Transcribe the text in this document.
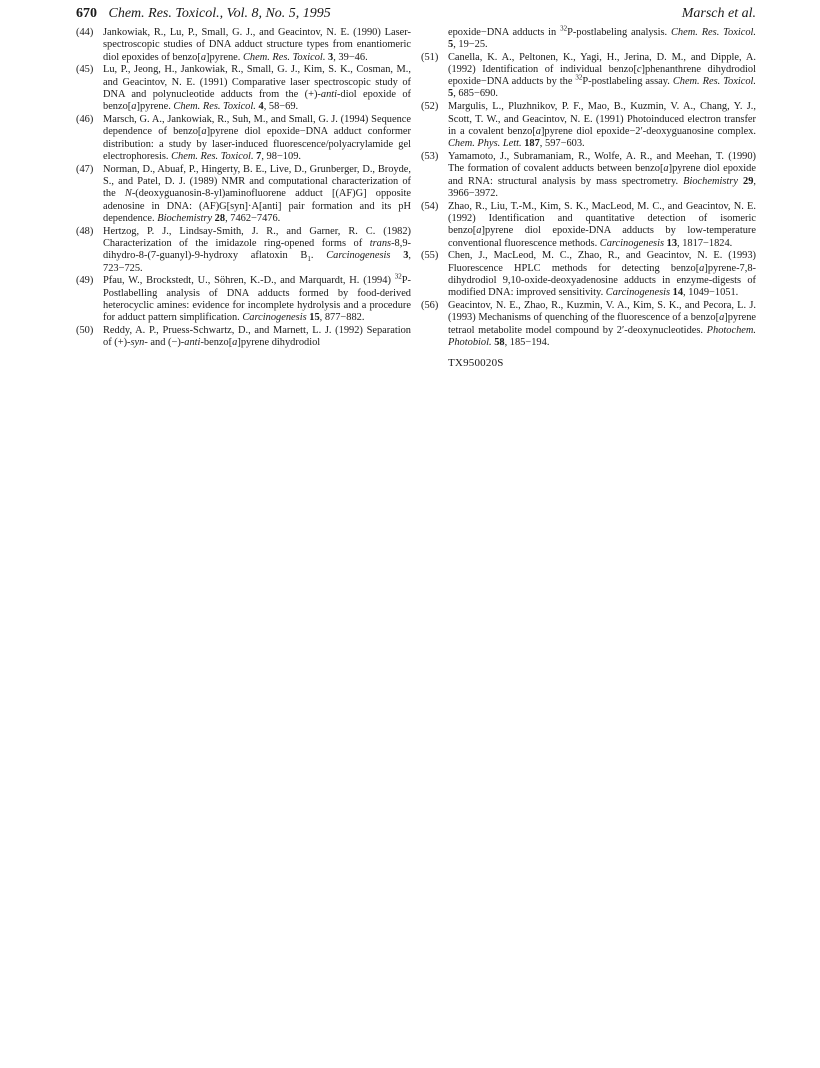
670 Chem. Res. Toxicol., Vol. 8, No. 5, 1995	Marsch et al.

(44) Jankowiak, R., Lu, P., Small, G. J., and Geacintov, N. E. (1990) Laser-spectroscopic studies of DNA adduct structure types from enantiomeric diol epoxides of benzo[a]pyrene. Chem. Res. Toxicol. 3, 39−46.

(45) Lu, P., Jeong, H., Jankowiak, R., Small, G. J., Kim, S. K., Cosman, M., and Geacintov, N. E. (1991) Comparative laser spectroscopic study of DNA and polynucleotide adducts from the (+)-anti-diol epoxide of benzo[a]pyrene. Chem. Res. Toxicol. 4, 58−69.

(46) Marsch, G. A., Jankowiak, R., Suh, M., and Small, G. J. (1994) Sequence dependence of benzo[a]pyrene diol epoxide−DNA adduct conformer distribution: a study by laser-induced fluorescence/polyacrylamide gel electrophoresis. Chem. Res. Toxicol. 7, 98−109.

(47) Norman, D., Abuaf, P., Hingerty, B. E., Live, D., Grunberger, D., Broyde, S., and Patel, D. J. (1989) NMR and computational characterization of the N-(deoxyguanosin-8-yl)aminofluorene adduct [(AF)G] opposite adenosine in DNA: (AF)G[syn]·A[anti] pair formation and its pH dependence. Biochemistry 28, 7462−7476.

(48) Hertzog, P. J., Lindsay-Smith, J. R., and Garner, R. C. (1982) Characterization of the imidazole ring-opened forms of trans-8,9-dihydro-8-(7-guanyl)-9-hydroxy aflatoxin $B_1$. Carcinogenesis 3, 723−725.

(49) Pfau, W., Brockstedt, U., Söhren, K.-D., and Marquardt, H. (1994) $^{32}$P-Postlabelling analysis of DNA adducts formed by food-derived heterocyclic amines: evidence for incomplete hydrolysis and a procedure for adduct pattern simplification. Carcinogenesis 15, 877−882.

(50) Reddy, A. P., Pruess-Schwartz, D., and Marnett, L. J. (1992) Separation of (+)-syn- and (−)-anti-benzo[a]pyrene dihydrodiol

epoxide−DNA adducts in $^{32}$P-postlabeling analysis. Chem. Res. Toxicol. 5, 19−25.

(51) Canella, K. A., Peltonen, K., Yagi, H., Jerina, D. M., and Dipple, A. (1992) Identification of individual benzo[c]phenanthrene dihydrodiol epoxide−DNA adducts by the $^{32}$P-postlabeling assay. Chem. Res. Toxicol. 5, 685−690.

(52) Margulis, L., Pluzhnikov, P. F., Mao, B., Kuzmin, V. A., Chang, Y. J., Scott, T. W., and Geacintov, N. E. (1991) Photoinduced electron transfer in a covalent benzo[a]pyrene diol epoxide−2′-deoxyguanosine complex. Chem. Phys. Lett. 187, 597−603.

(53) Yamamoto, J., Subramaniam, R., Wolfe, A. R., and Meehan, T. (1990) The formation of covalent adducts between benzo[a]pyrene diol epoxide and RNA: structural analysis by mass spectrometry. Biochemistry 29, 3966−3972.

(54) Zhao, R., Liu, T.-M., Kim, S. K., MacLeod, M. C., and Geacintov, N. E. (1992) Identification and quantitative detection of isomeric benzo[a]pyrene diol epoxide-DNA adducts by low-temperature conventional fluorescence methods. Carcinogenesis 13, 1817−1824.

(55) Chen, J., MacLeod, M. C., Zhao, R., and Geacintov, N. E. (1993) Fluorescence HPLC methods for detecting benzo[a]pyrene-7,8-dihydrodiol 9,10-oxide-deoxyadenosine adducts in enzyme-digests of modified DNA: improved sensitivity. Carcinogenesis 14, 1049−1051.

(56) Geacintov, N. E., Zhao, R., Kuzmin, V. A., Kim, S. K., and Pecora, L. J. (1993) Mechanisms of quenching of the fluorescence of a benzo[a]pyrene tetraol metabolite model compound by 2′-deoxynucleotides. Photochem. Photobiol. 58, 185−194.

TX950020S
